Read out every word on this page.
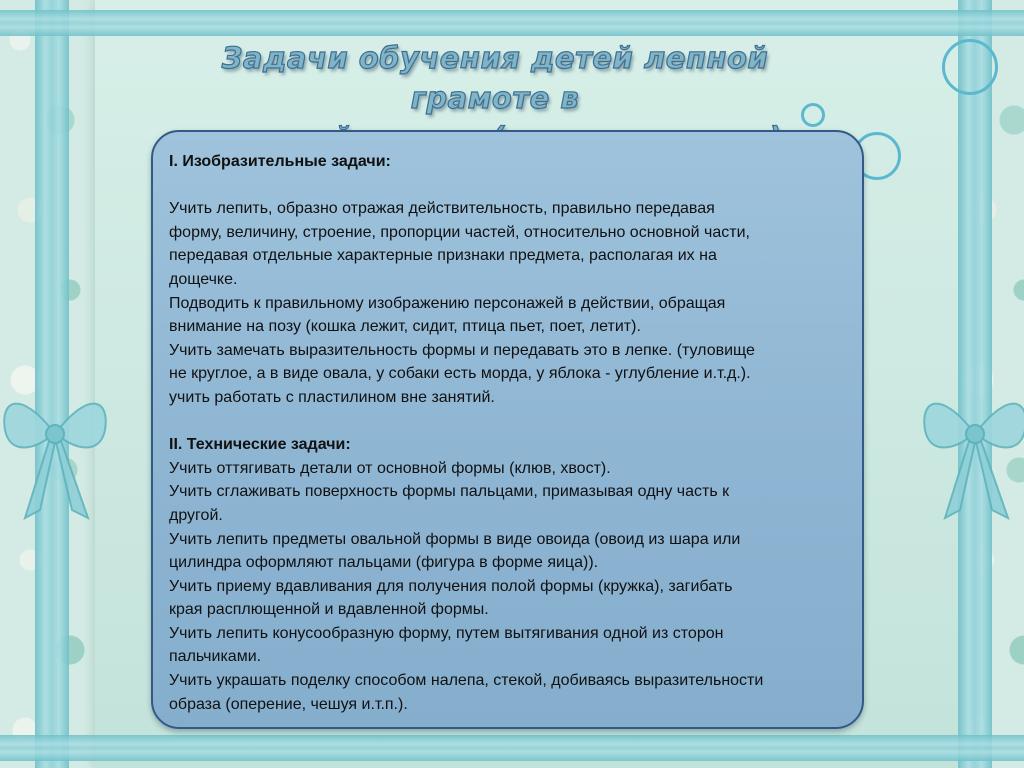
Задачи обучения детей лепной грамоте в

I. Изобразительные задачи:

Учить лепить, образно отражая действительность, правильно передавая

форму, величину, строение, пропорции частей, относительно основной части,

передавая отдельные характерные признаки предмета, располагая их на

дощечке.

Подводить к правильному изображению персонажей в действии, обращая

внимание на позу (кошка лежит, сидит, птица пьет, поет, летит).

Учить замечать выразительность формы и передавать это в лепке. (туловище

не круглое, а в виде овала, у собаки есть морда, у яблока - углубление и.т.д.).

учить работать с пластилином вне занятий.

II. Технические задачи:

Учить оттягивать детали от основной формы (клюв, хвост).

Учить сглаживать поверхность формы пальцами, примазывая одну часть к

другой.

Учить лепить предметы овальной формы в виде овоида (овоид из шара или

цилиндра оформляют пальцами (фигура в форме яица)).

Учить приему вдавливания для получения полой формы (кружка), загибать

края расплющенной и вдавленной формы.

Учить лепить конусообразную форму, путем вытягивания одной из сторон

пальчиками.

Учить украшать поделку способом налепа, стекой, добиваясь выразительности

образа (оперение, чешуя и.т.п.).
